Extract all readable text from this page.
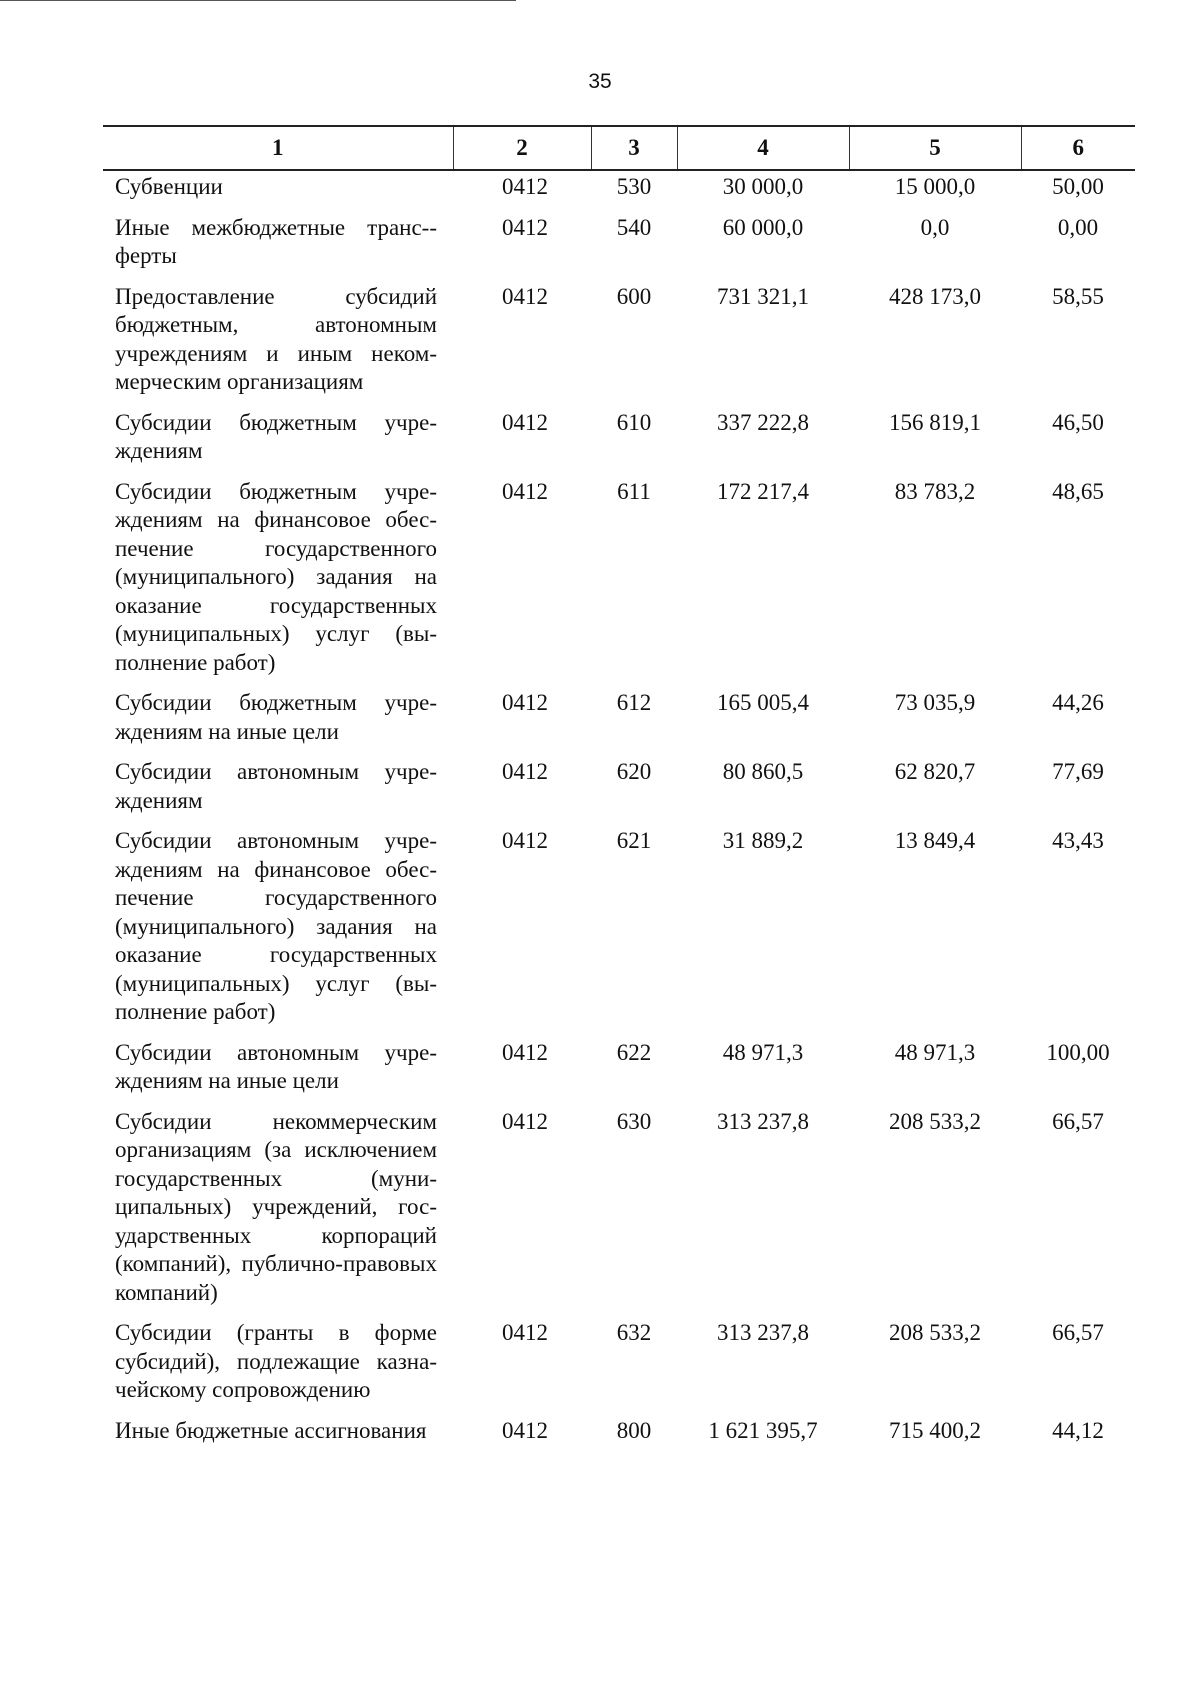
35
1	2	3	4	5	6
Субвенции	0412	530	30 000,0	15 000,0	50,00
Иные межбюджетные транс-ферты	0412	540	60 000,0	0,0	0,00
Предоставление субсидий бюджетным, автономным учреждениям и иным некоммерческим организациям	0412	600	731 321,1	428 173,0	58,55
Субсидии бюджетным учреждениям	0412	610	337 222,8	156 819,1	46,50
Субсидии бюджетным учреждениям на финансовое обеспечение государственного (муниципального) задания на оказание государственных (муниципальных) услуг (выполнение работ)	0412	611	172 217,4	83 783,2	48,65
Субсидии бюджетным учреждениям на иные цели	0412	612	165 005,4	73 035,9	44,26
Субсидии автономным учреждениям	0412	620	80 860,5	62 820,7	77,69
Субсидии автономным учреждениям на финансовое обеспечение государственного (муниципального) задания на оказание государственных (муниципальных) услуг (выполнение работ)	0412	621	31 889,2	13 849,4	43,43
Субсидии автономным учреждениям на иные цели	0412	622	48 971,3	48 971,3	100,00
Субсидии некоммерческим организациям (за исключением государственных (муниципальных) учреждений, государственных корпораций (компаний), публично-правовых компаний)	0412	630	313 237,8	208 533,2	66,57
Субсидии (гранты в форме субсидий), подлежащие казначейскому сопровождению	0412	632	313 237,8	208 533,2	66,57
Иные бюджетные ассигнования	0412	800	1 621 395,7	715 400,2	44,12
